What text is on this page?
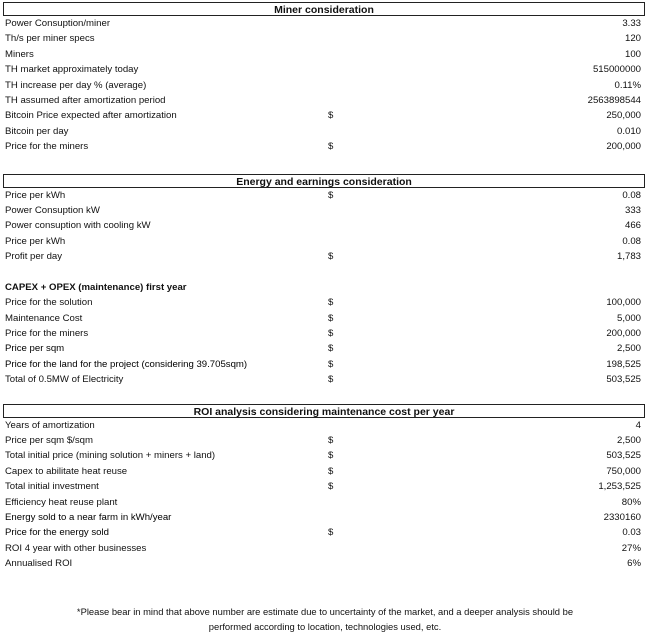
Miner consideration
Power Consuption/miner	3.33
Th/s per miner specs	120
Miners	100
TH market approximately today	515000000
TH increase per day % (average)	0.11%
TH assumed after amortization period	2563898544
Bitcoin Price expected after amortization	$	250,000
Bitcoin per day	0.010
Price for the miners	$	200,000
Energy and earnings consideration
Price per kWh	$	0.08
Power Consuption kW	333
Power consuption with cooling kW	466
Price per kWh	0.08
Profit per day	$	1,783
CAPEX + OPEX (maintenance) first year
Price for the solution	$	100,000
Maintenance Cost	$	5,000
Price for the miners	$	200,000
Price per sqm	$	2,500
Price for the land for the project (considering 39.705sqm)	$	198,525
Total of 0.5MW of Electricity	$	503,525
ROI analysis considering maintenance cost per year
Years of amortization	4
Price per sqm $/sqm	$	2,500
Total initial price (mining solution + miners + land)	$	503,525
Capex to abilitate heat reuse	$	750,000
Total initial investment	$	1,253,525
Efficiency heat reuse plant	80%
Energy sold to a near farm in kWh/year	2330160
Price for the energy sold	$	0.03
ROI 4 year with other businesses	27%
Annualised ROI	6%
*Please bear in mind that above number are estimate due to uncertainty of the market, and a deeper analysis should be
performed according to location, technologies used, etc.
